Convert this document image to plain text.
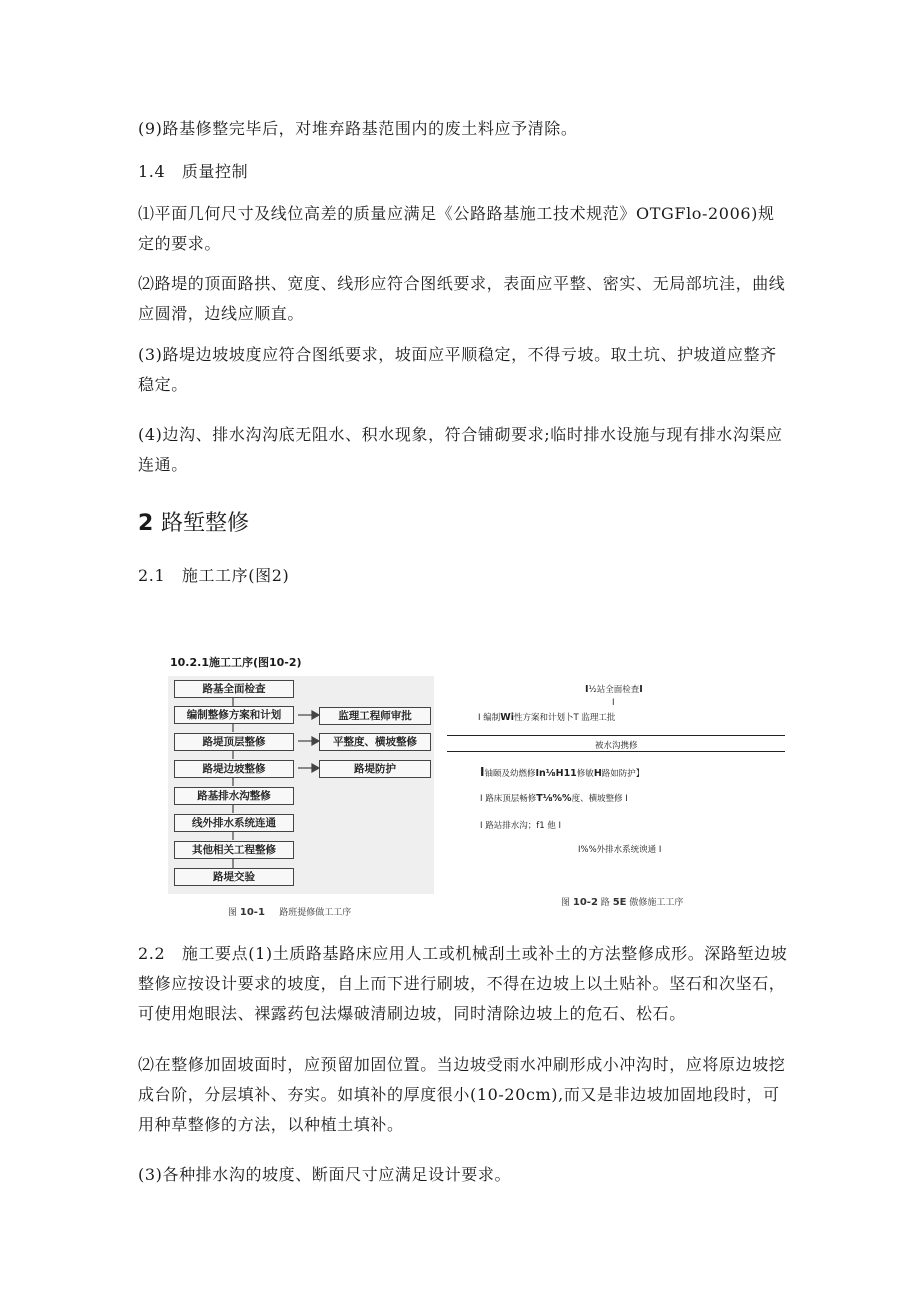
(9)路基修整完毕后，对堆弃路基范围内的废土料应予清除。

1.4　质量控制

⑴平面几何尺寸及线位高差的质量应满足《公路路基施工技术规范》OTGFlo-2006)规定的要求。

⑵路堤的顶面路拱、宽度、线形应符合图纸要求，表面应平整、密实、无局部坑洼，曲线应圆滑，边线应顺直。

(3)路堤边坡坡度应符合图纸要求，坡面应平顺稳定，不得亏坡。取土坑、护坡道应整齐稳定。

(4)边沟、排水沟沟底无阻水、积水现象，符合铺砌要求;临时排水设施与现有排水沟渠应连通。

2 路堑整修

2.1　施工工序(图2)

10.2.1施工工序(图10-2)
路基全面检查
编制整修方案和计划
路堤顶层整修
路堤边坡整修
路基排水沟整修
线外排水系统连通
其他相关工程整修
路堤交验
监理工程师审批
平整度、横坡整修
路堤防护
图 10-1 路班提修做工工序
I½站全面检査I
I
I 编制Wi性方案和计划卜T 监理工批
被水沟携修
I铀颐及幼燃修In⅛H11修敏H路如防护】
I 路床顶层畅修T⅛%%度、横坡整修 I
I 路站排水沟；f1 他 I
I%%外排水系统谀通 I
图 10-2 路 5E 傲修施工工序

2.2　施工要点(1)土质路基路床应用人工或机械刮土或补土的方法整修成形。深路堑边坡整修应按设计要求的坡度，自上而下进行刷坡，不得在边坡上以土贴补。坚石和次坚石，可使用炮眼法、裸露药包法爆破清刷边坡，同时清除边坡上的危石、松石。

⑵在整修加固坡面时，应预留加固位置。当边坡受雨水冲刷形成小冲沟时，应将原边坡挖成台阶，分层填补、夯实。如填补的厚度很小(10-20cm),而又是非边坡加固地段时，可用种草整修的方法，以种植土填补。

(3)各种排水沟的坡度、断面尺寸应满足设计要求。
